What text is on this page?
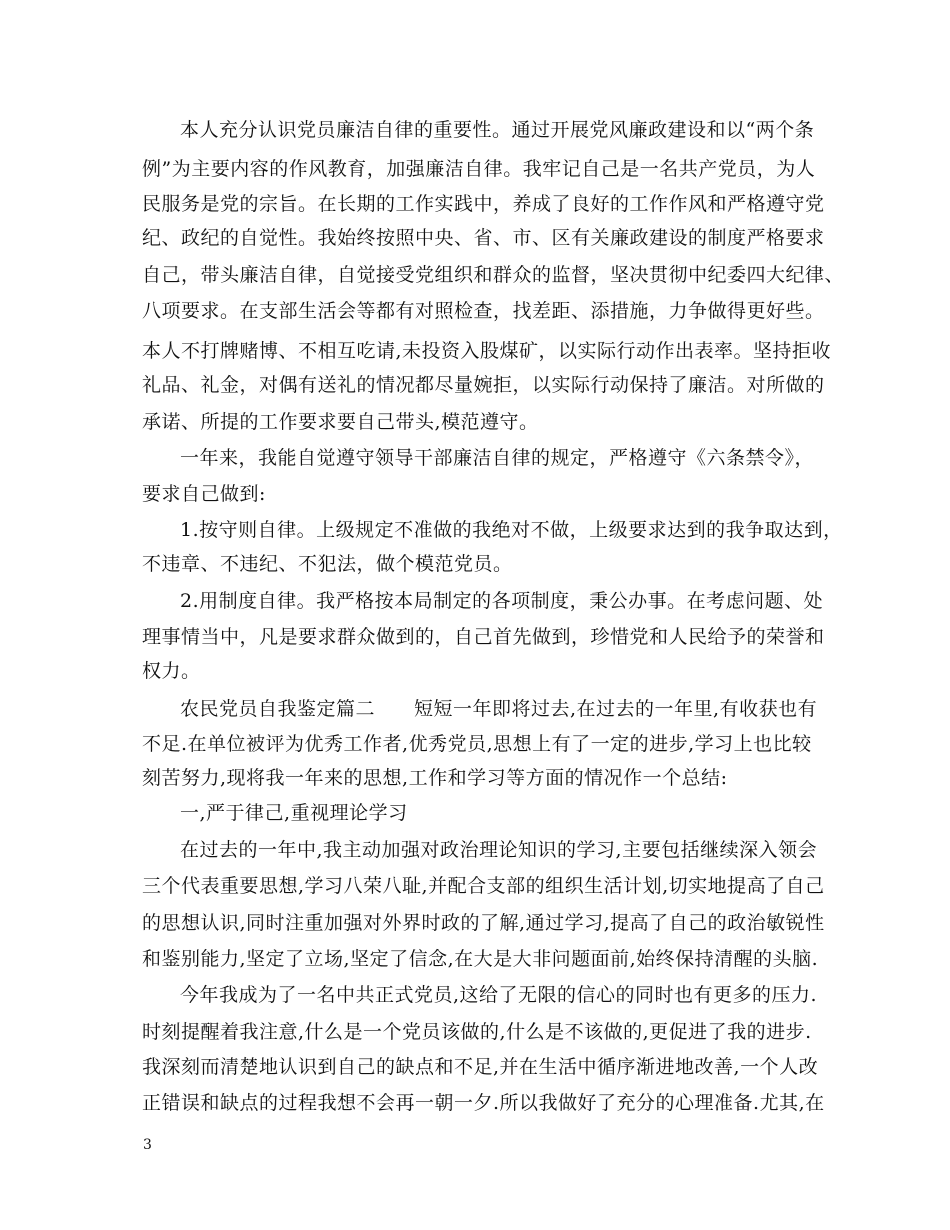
本人充分认识党员廉洁自律的重要性。通过开展党风廉政建设和以“两个条
例”为主要内容的作风教育，加强廉洁自律。我牢记自己是一名共产党员，为人
民服务是党的宗旨。在长期的工作实践中，养成了良好的工作作风和严格遵守党
纪、政纪的自觉性。我始终按照中央、省、市、区有关廉政建设的制度严格要求
自己，带头廉洁自律，自觉接受党组织和群众的监督，坚决贯彻中纪委四大纪律、
八项要求。在支部生活会等都有对照检查，找差距、添措施，力争做得更好些。
本人不打牌赌博、不相互吃请,未投资入股煤矿，以实际行动作出表率。坚持拒收
礼品、礼金，对偶有送礼的情况都尽量婉拒，以实际行动保持了廉洁。对所做的
承诺、所提的工作要求要自己带头,模范遵守。
一年来，我能自觉遵守领导干部廉洁自律的规定，严格遵守《六条禁令》，
要求自己做到:
1.按守则自律。上级规定不准做的我绝对不做，上级要求达到的我争取达到，
不违章、不违纪、不犯法，做个模范党员。
2.用制度自律。我严格按本局制定的各项制度，秉公办事。在考虑问题、处
理事情当中，凡是要求群众做到的，自己首先做到，珍惜党和人民给予的荣誉和
权力。
农民党员自我鉴定篇二　　短短一年即将过去,在过去的一年里,有收获也有
不足.在单位被评为优秀工作者,优秀党员,思想上有了一定的进步,学习上也比较
刻苦努力,现将我一年来的思想,工作和学习等方面的情况作一个总结:
一,严于律己,重视理论学习
在过去的一年中,我主动加强对政治理论知识的学习,主要包括继续深入领会
三个代表重要思想,学习八荣八耻,并配合支部的组织生活计划,切实地提高了自己
的思想认识,同时注重加强对外界时政的了解,通过学习,提高了自己的政治敏锐性
和鉴别能力,坚定了立场,坚定了信念,在大是大非问题面前,始终保持清醒的头脑.
今年我成为了一名中共正式党员,这给了无限的信心的同时也有更多的压力.
时刻提醒着我注意,什么是一个党员该做的,什么是不该做的,更促进了我的进步.
我深刻而清楚地认识到自己的缺点和不足,并在生活中循序渐进地改善,一个人改
正错误和缺点的过程我想不会再一朝一夕.所以我做好了充分的心理准备.尤其,在
3
